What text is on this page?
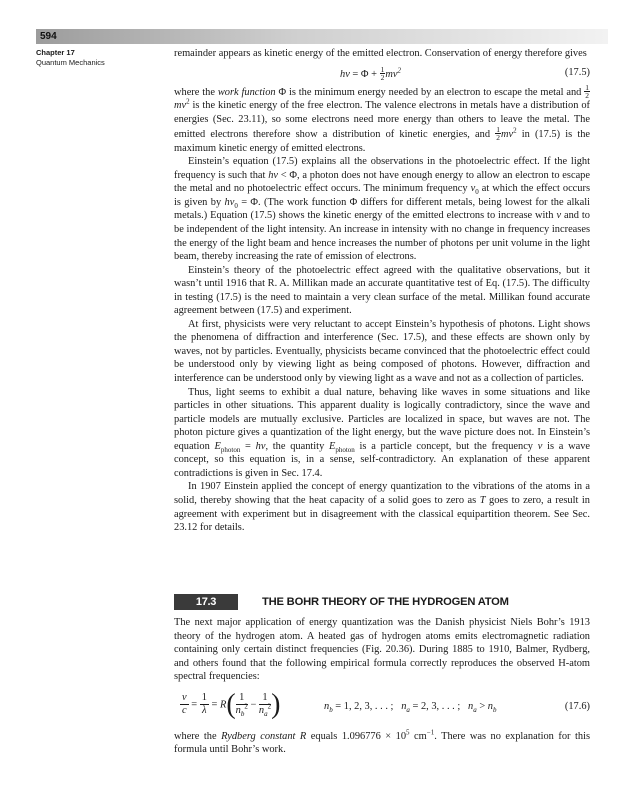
594
Chapter 17
Quantum Mechanics

remainder appears as kinetic energy of the emitted electron. Conservation of energy therefore gives

$h\nu = \Phi + \frac{1}{2} mv^2$	(17.5)

where the work function Φ is the minimum energy needed by an electron to escape the metal and $\frac{1}{2}$
$mv^2$ is the kinetic energy of the free electron. The valence electrons in metals have a distribution of energies (Sec. 23.11), so some electrons need more energy than others to leave the metal. The emitted electrons therefore show a distribution of kinetic energies, and $\frac{1}{2} mv^2$ in (17.5) is the maximum kinetic energy of emitted electrons.

Einstein’s equation (17.5) explains all the observations in the photoelectric effect. If the light frequency is such that hν < Φ, a photon does not have enough energy to allow an electron to escape the metal and no photoelectric effect occurs. The minimum frequency $\nu_0$ at which the effect occurs is given by $h\nu_0 = \Phi$. (The work function Φ differs for different metals, being lowest for the alkali metals.) Equation (17.5) shows the kinetic energy of the emitted electrons to increase with ν and to be independent of the light intensity. An increase in intensity with no change in frequency increases the energy of the light beam and hence increases the number of photons per unit volume in the light beam, thereby increasing the rate of emission of electrons.

Einstein’s theory of the photoelectric effect agreed with the qualitative observations, but it wasn’t until 1916 that R. A. Millikan made an accurate quantitative test of Eq. (17.5). The difficulty in testing (17.5) is the need to maintain a very clean surface of the metal. Millikan found accurate agreement between (17.5) and experiment.

At first, physicists were very reluctant to accept Einstein’s hypothesis of photons. Light shows the phenomena of diffraction and interference (Sec. 17.5), and these effects are shown only by waves, not by particles. Eventually, physicists became convinced that the photoelectric effect could be understood only by viewing light as being composed of photons. However, diffraction and interference can be understood only by viewing light as a wave and not as a collection of particles.

Thus, light seems to exhibit a dual nature, behaving like waves in some situations and like particles in other situations. This apparent duality is logically contradictory, since the wave and particle models are mutually exclusive. Particles are localized in space, but waves are not. The photon picture gives a quantization of the light energy, but the wave picture does not. In Einstein’s equation $E_{photon} = h\nu$, the quantity $E_{photon}$ is a particle concept, but the frequency ν is a wave concept, so this equation is, in a sense, self-contradictory. An explanation of these apparent contradictions is given in Sec. 17.4.

In 1907 Einstein applied the concept of energy quantization to the vibrations of the atoms in a solid, thereby showing that the heat capacity of a solid goes to zero as T goes to zero, a result in agreement with experiment but in disagreement with the classical equipartition theorem. See Sec. 23.12 for details.

17.3	THE BOHR THEORY OF THE HYDROGEN ATOM

The next major application of energy quantization was the Danish physicist Niels Bohr’s 1913 theory of the hydrogen atom. A heated gas of hydrogen atoms emits electromagnetic radiation containing only certain distinct frequencies (Fig. 20.36). During 1885 to 1910, Balmer, Rydberg, and others found that the following empirical formula correctly reproduces the observed H-atom spectral frequencies:

$\frac{\nu}{c} = \frac{1}{\lambda} = R( \frac{1}{n_b^2} - \frac{1}{n_a^2}$ )	$n_b = 1$, 2, 3, . . . ;   $n_a = 2$, 3, . . . ;   $n_a > n_b$	(17.6)

where the Rydberg constant R equals $1.096776 \times 10^5$ $cm^{-1}$. There was no explanation for this formula until Bohr’s work.
